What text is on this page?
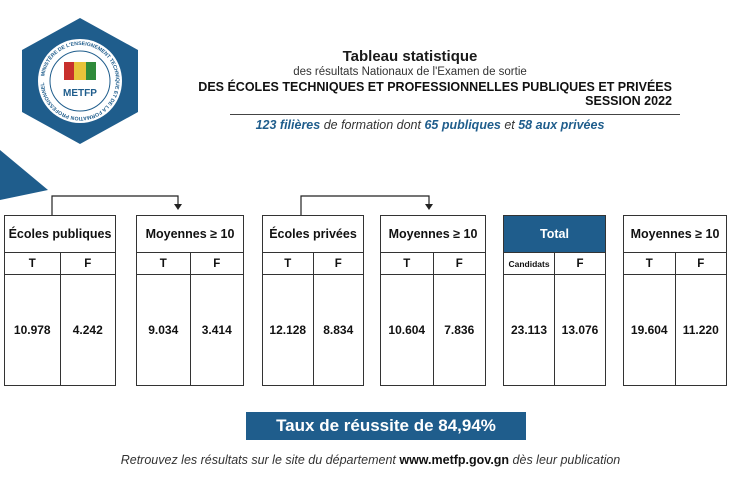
MINISTÈRE DE L'ENSEIGNEMENT TECHNIQUE ET DE LA FORMATION PROFESSIONNEL
METFP
Tableau statistique
des résultats Nationaux de l'Examen de sortie
DES ÉCOLES TECHNIQUES ET PROFESSIONNELLES PUBLIQUES ET PRIVÉES SESSION 2022
123 filières de formation dont 65 publiques et 58 aux privées
Écoles publiques
T	F
10.978	4.242
Moyennes ≥ 10
T	F
9.034	3.414
Écoles privées
T	F
12.128	8.834
Moyennes ≥ 10
T	F
10.604	7.836
Total
Candidats	F
23.113	13.076
Moyennes ≥ 10
T	F
19.604	11.220
Taux de réussite de 84,94%
Retrouvez les résultats sur le site du département www.metfp.gov.gn dès leur publication
